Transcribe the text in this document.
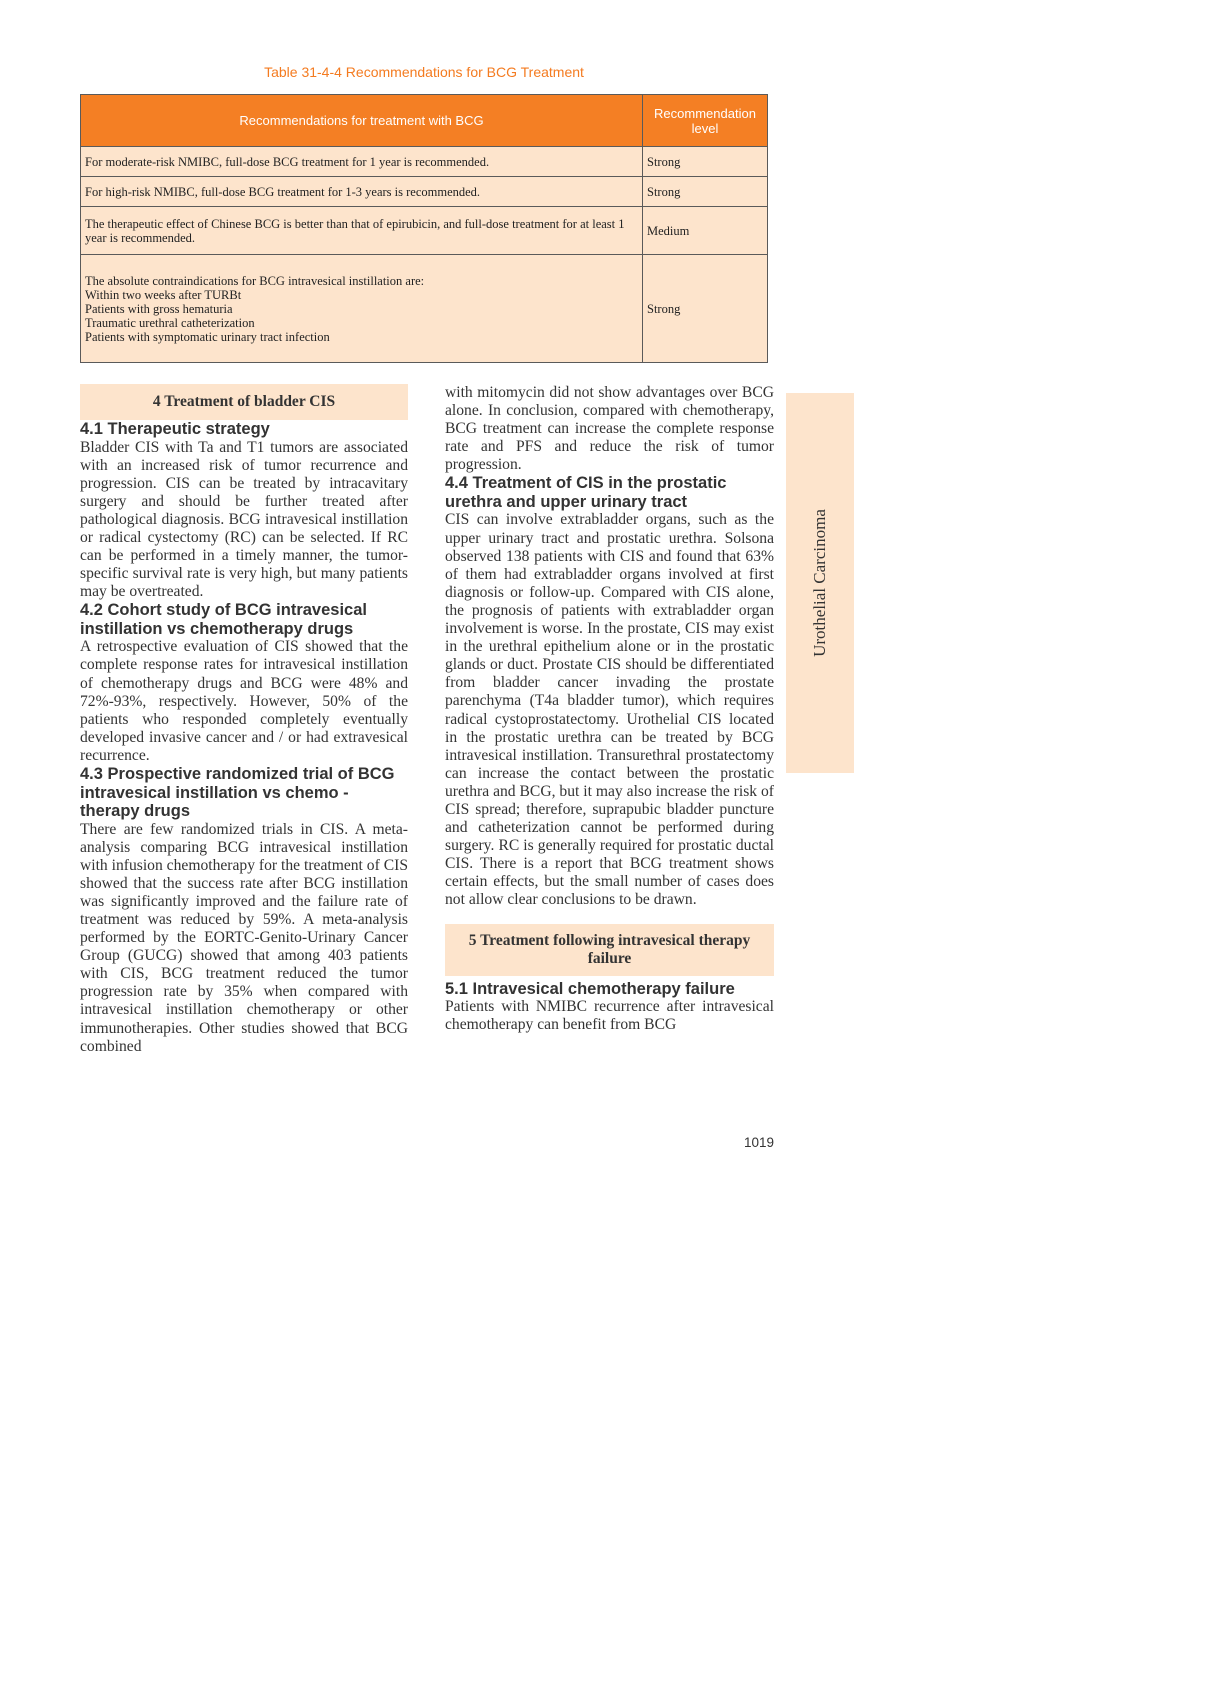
Table 31-4-4 Recommendations for BCG Treatment
Recommendations for treatment with BCG	Recommendation level
For moderate-risk NMIBC, full-dose BCG treatment for 1 year is recommended.	Strong
For high-risk NMIBC, full-dose BCG treatment for 1-3 years is recommended.	Strong
The therapeutic effect of Chinese BCG is better than that of epirubicin, and full-dose treatment for at least 1 year is recommended.	Medium

The absolute contraindications for BCG intravesical instillation are:
Within two weeks after TURBt
Patients with gross hematuria
Traumatic urethral catheterization
Patients with symptomatic urinary tract infection	Strong
4 Treatment of bladder CIS
4.1 Therapeutic strategy

Bladder CIS with Ta and T1 tumors are associated with an increased risk of tumor recurrence and progression. CIS can be treated by intracavitary surgery and should be further treated after pathological diagnosis. BCG intravesical instillation or radical cystectomy (RC) can be selected. If RC can be performed in a timely manner, the tumor-specific survival rate is very high, but many patients may be overtreated.

4.2 Cohort study of BCG intravesical instillation vs chemotherapy drugs

A retrospective evaluation of CIS showed that the complete response rates for intravesical instillation of chemotherapy drugs and BCG were 48% and 72%-93%, respectively. However, 50% of the patients who responded completely eventually developed invasive cancer and / or had extravesical recurrence.

4.3 Prospective randomized trial of BCG intravesical instillation vs chemo - therapy drugs

There are few randomized trials in CIS. A meta-analysis comparing BCG intravesical instillation with infusion chemotherapy for the treatment of CIS showed that the success rate after BCG instillation was significantly improved and the failure rate of treatment was reduced by 59%. A meta-analysis performed by the EORTC-Genito-Urinary Cancer Group (GUCG) showed that among 403 patients with CIS, BCG treatment reduced the tumor progression rate by 35% when compared with intravesical instillation chemotherapy or other immunotherapies. Other studies showed that BCG combined

with mitomycin did not show advantages over BCG alone. In conclusion, compared with chemotherapy, BCG treatment can increase the complete response rate and PFS and reduce the risk of tumor progression.

4.4 Treatment of CIS in the prostatic urethra and upper urinary tract

CIS can involve extrabladder organs, such as the upper urinary tract and prostatic urethra. Solsona observed 138 patients with CIS and found that 63% of them had extrabladder organs involved at first diagnosis or follow-up. Compared with CIS alone, the prognosis of patients with extrabladder organ involvement is worse. In the prostate, CIS may exist in the urethral epithelium alone or in the prostatic glands or duct. Prostate CIS should be differentiated from bladder cancer invading the prostate parenchyma (T4a bladder tumor), which requires radical cystoprostatectomy. Urothelial CIS located in the prostatic urethra can be treated by BCG intravesical instillation. Transurethral prostatectomy can increase the contact between the prostatic urethra and BCG, but it may also increase the risk of CIS spread; therefore, suprapubic bladder puncture and catheterization cannot be performed during surgery. RC is generally required for prostatic ductal CIS. There is a report that BCG treatment shows certain effects, but the small number of cases does not allow clear conclusions to be drawn.

5 Treatment following intravesical therapy failure
5.1 Intravesical chemotherapy failure

Patients with NMIBC recurrence after intravesical chemotherapy can benefit from BCG

Urothelial Carcinoma
1019
